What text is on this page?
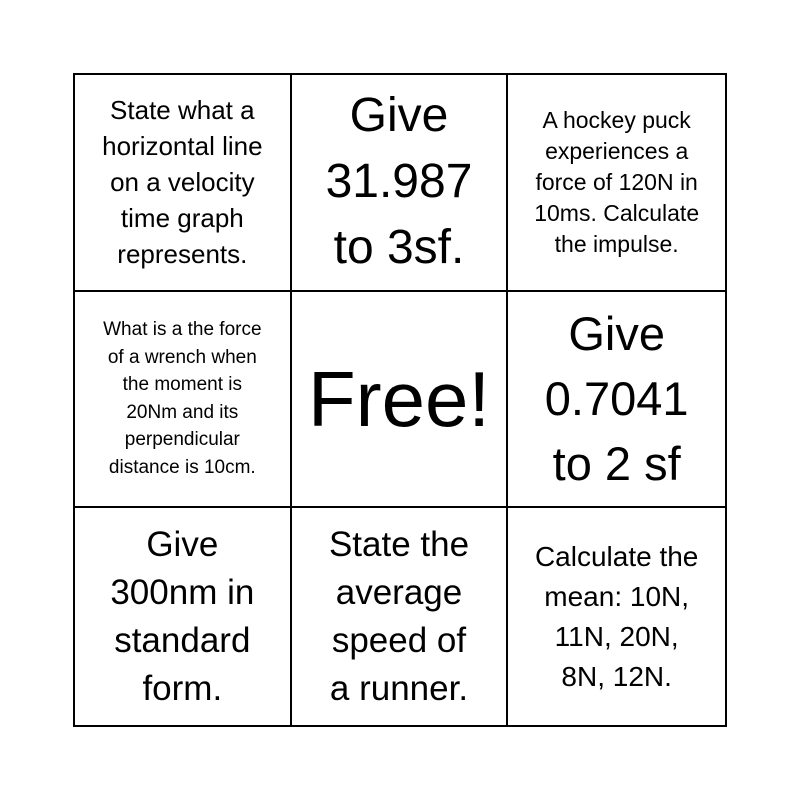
State what a
horizontal line
on a velocity
time graph
represents.
Give
31.987
to 3sf.
A hockey puck
experiences a
force of 120N in
10ms. Calculate
the impulse.
What is a the force
of a wrench when
the moment is
20Nm and its
perpendicular
distance is 10cm.
Free!
Give
0.7041
to 2 sf
Give
300nm in
standard
form.
State the
average
speed of
a runner.
Calculate the
mean: 10N,
11N, 20N,
8N, 12N.
